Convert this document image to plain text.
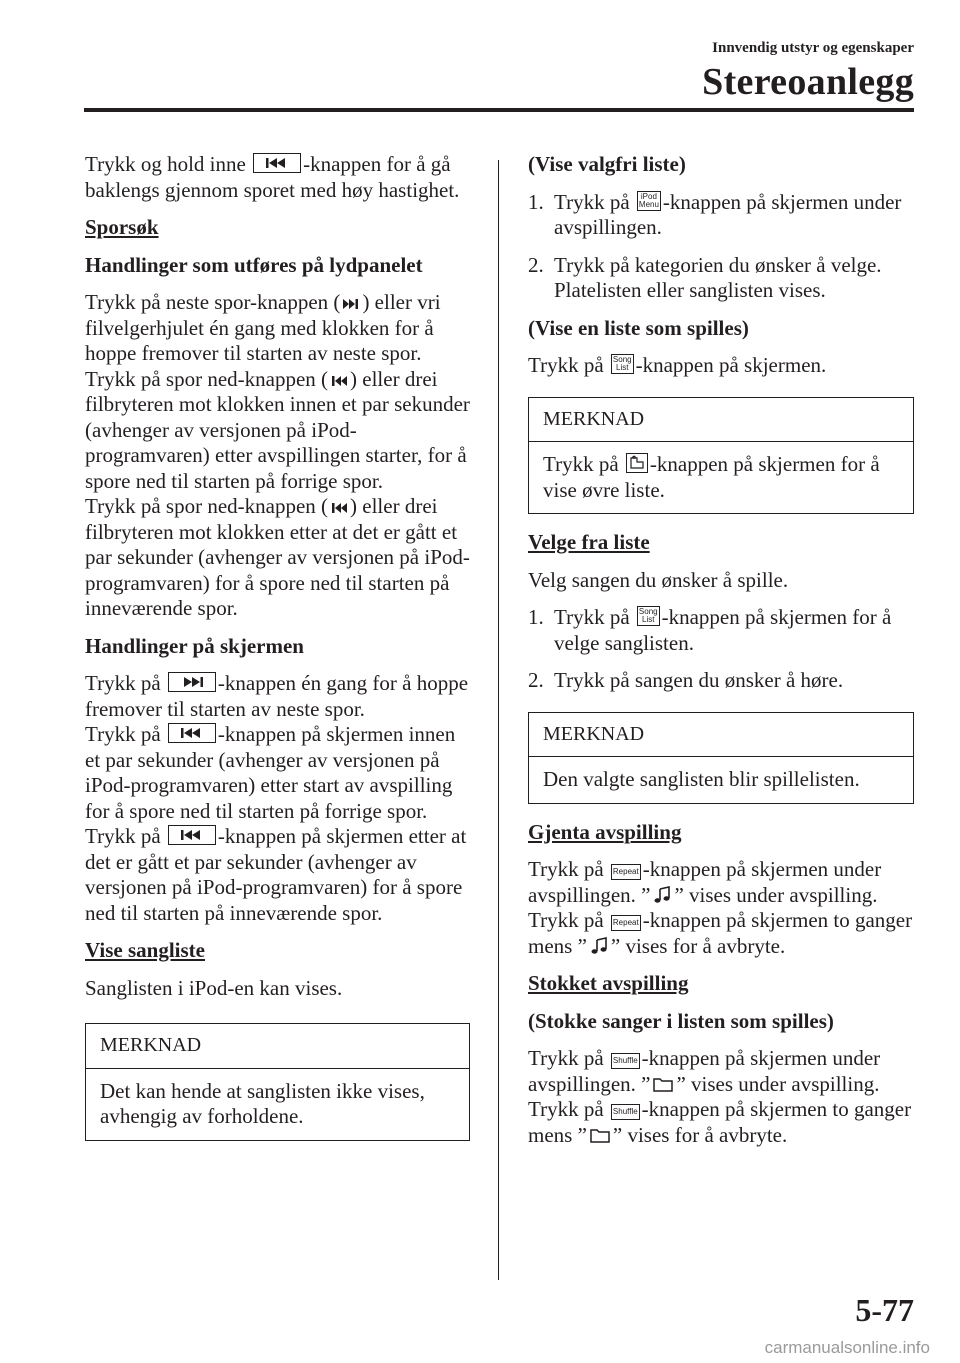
Innvendig utstyr og egenskaper
Stereoanlegg

Trykk og hold inne -knappen for å gå baklengs gjennom sporet med høy hastighet.

Sporsøk

Handlinger som utføres på lydpanelet

Trykk på neste spor-knappen ( ) eller vri filvelgerhjulet én gang med klokken for å hoppe fremover til starten av neste spor.

Trykk på spor ned-knappen ( ) eller drei filbryteren mot klokken innen et par sekunder (avhenger av versjonen på iPod-programvaren) etter avspillingen starter, for å spore ned til starten på forrige spor.

Trykk på spor ned-knappen ( ) eller drei filbryteren mot klokken etter at det er gått et par sekunder (avhenger av versjonen på iPod-programvaren) for å spore ned til starten på inneværende spor.

Handlinger på skjermen

Trykk på -knappen én gang for å hoppe fremover til starten av neste spor.

Trykk på -knappen på skjermen innen et par sekunder (avhenger av versjonen på iPod-programvaren) etter start av avspilling for å spore ned til starten på forrige spor.

Trykk på -knappen på skjermen etter at det er gått et par sekunder (avhenger av versjonen på iPod-programvaren) for å spore ned til starten på inneværende spor.

Vise sangliste

Sanglisten i iPod-en kan vises.

MERKNAD
Det kan hende at sanglisten ikke vises, avhengig av forholdene.

(Vise valgfri liste)

1. Trykk på iPod
Menu -knappen på skjermen under avspillingen.
2. Trykk på kategorien du ønsker å velge. Platelisten eller sanglisten vises.

(Vise en liste som spilles)

Trykk på Song
List -knappen på skjermen.

MERKNAD
Trykk på -knappen på skjermen for å vise øvre liste.

Velge fra liste

Velg sangen du ønsker å spille.

1. Trykk på Song
List -knappen på skjermen for å velge sanglisten.
2. Trykk på sangen du ønsker å høre.
MERKNAD
Den valgte sanglisten blir spillelisten.

Gjenta avspilling

Trykk på Repeat -knappen på skjermen under avspillingen. ” ” vises under avspilling.

Trykk på Repeat -knappen på skjermen to ganger mens ” ” vises for å avbryte.

Stokket avspilling

(Stokke sanger i listen som spilles)

Trykk på Shuffle -knappen på skjermen under avspillingen. ” ” vises under avspilling.

Trykk på Shuffle -knappen på skjermen to ganger mens ” ” vises for å avbryte.

5-77
carmanualsonline.info
